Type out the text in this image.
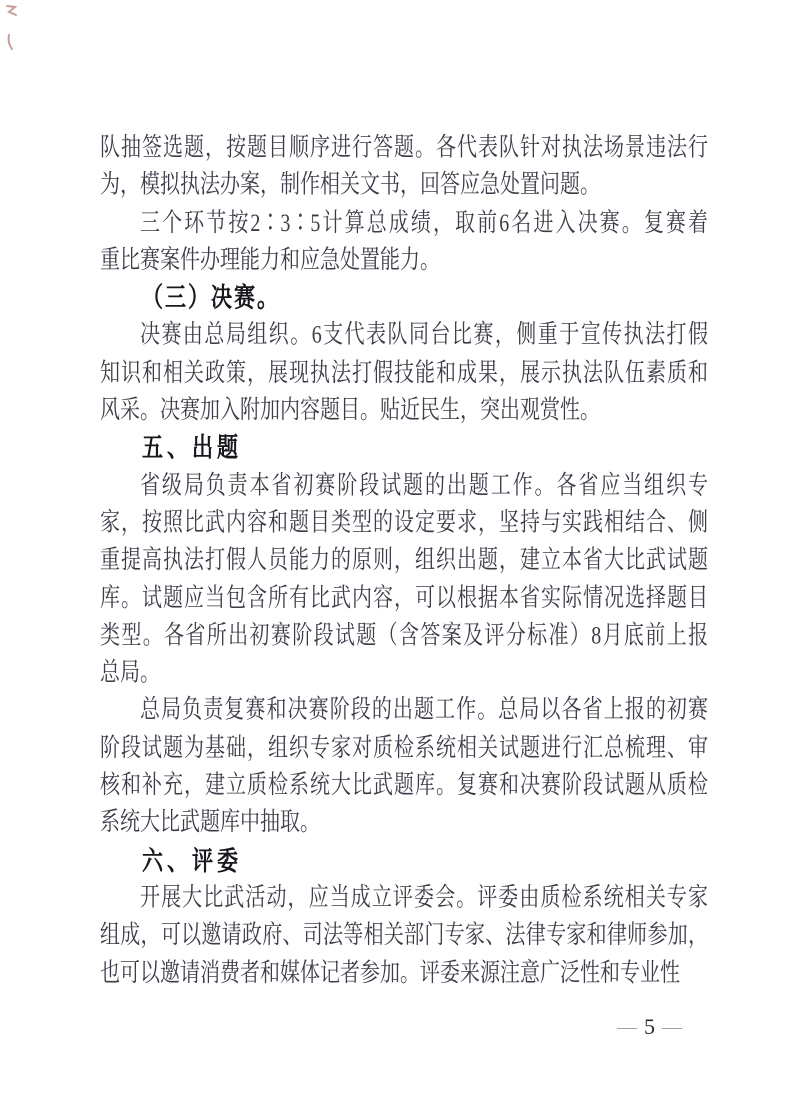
队抽签选题，按题目顺序进行答题。各代表队针对执法场景违法行
为，模拟执法办案，制作相关文书，回答应急处置问题。
三个环节按2∶3∶5计算总成绩，取前6名进入决赛。复赛着
重比赛案件办理能力和应急处置能力。
（三）决赛。
决赛由总局组织。6支代表队同台比赛，侧重于宣传执法打假
知识和相关政策，展现执法打假技能和成果，展示执法队伍素质和
风采。决赛加入附加内容题目。贴近民生，突出观赏性。
五、出题
省级局负责本省初赛阶段试题的出题工作。各省应当组织专
家，按照比武内容和题目类型的设定要求，坚持与实践相结合、侧
重提高执法打假人员能力的原则，组织出题，建立本省大比武试题
库。试题应当包含所有比武内容，可以根据本省实际情况选择题目
类型。各省所出初赛阶段试题（含答案及评分标准）8月底前上报
总局。
总局负责复赛和决赛阶段的出题工作。总局以各省上报的初赛
阶段试题为基础，组织专家对质检系统相关试题进行汇总梳理、审
核和补充，建立质检系统大比武题库。复赛和决赛阶段试题从质检
系统大比武题库中抽取。
六、评委
开展大比武活动，应当成立评委会。评委由质检系统相关专家
组成，可以邀请政府、司法等相关部门专家、法律专家和律师参加，
也可以邀请消费者和媒体记者参加。评委来源注意广泛性和专业性
— 5 —
